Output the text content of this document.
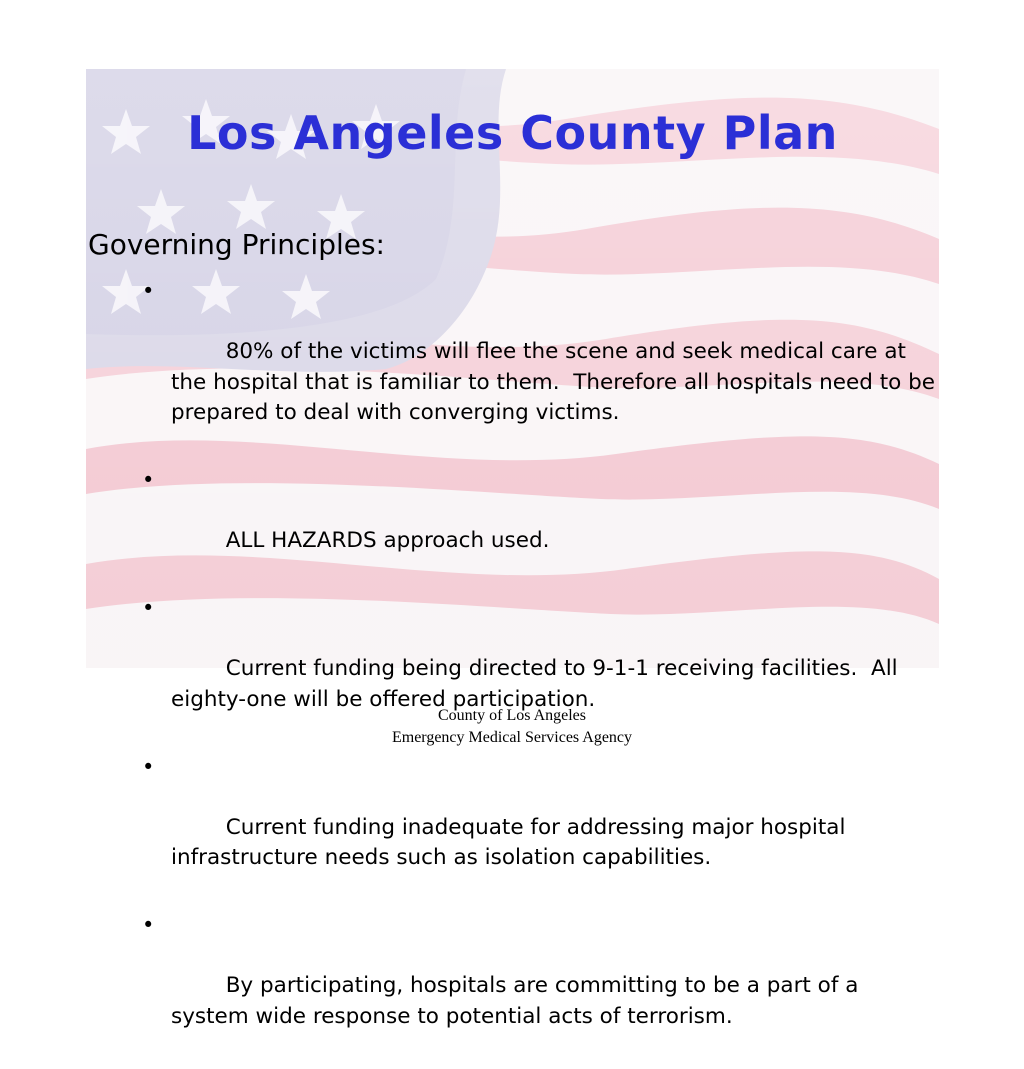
Los Angeles County Plan
Governing Principles:

•

80% of the victims will flee the scene and seek medical care at the hospital that is familiar to them.  Therefore all hospitals need to be prepared to deal with converging victims.

•

ALL HAZARDS approach used.

•

Current funding being directed to 9-1-1 receiving facilities.  All eighty-one will be offered participation.

•

Current funding inadequate for addressing major hospital infrastructure needs such as isolation capabilities.

•

By participating, hospitals are committing to be a part of a system wide response to potential acts of terrorism.

County of Los Angeles
Emergency Medical Services Agency
